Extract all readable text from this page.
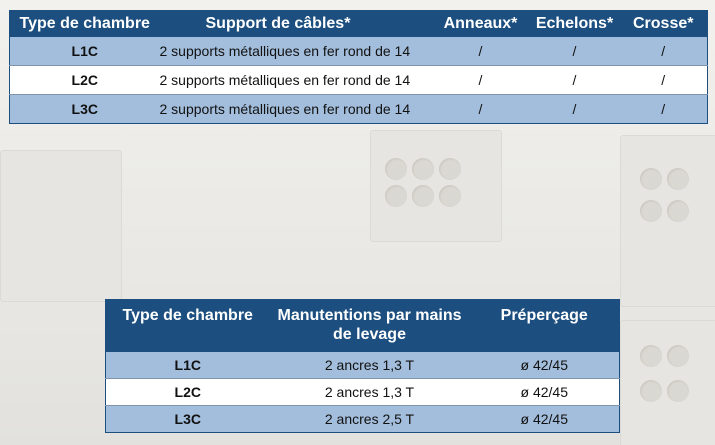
Type de chambre	Support de câbles*	Anneaux*	Echelons*	Crosse*
L1C	2 supports métalliques en fer rond de 14	/	/	/
L2C	2 supports métalliques en fer rond de 14	/	/	/
L3C	2 supports métalliques en fer rond de 14	/	/	/
Type de chambre	Manutentions par mains de levage	Préperçage
L1C	2 ancres 1,3 T	ø 42/45
L2C	2 ancres 1,3 T	ø 42/45
L3C	2 ancres 2,5 T	ø 42/45
